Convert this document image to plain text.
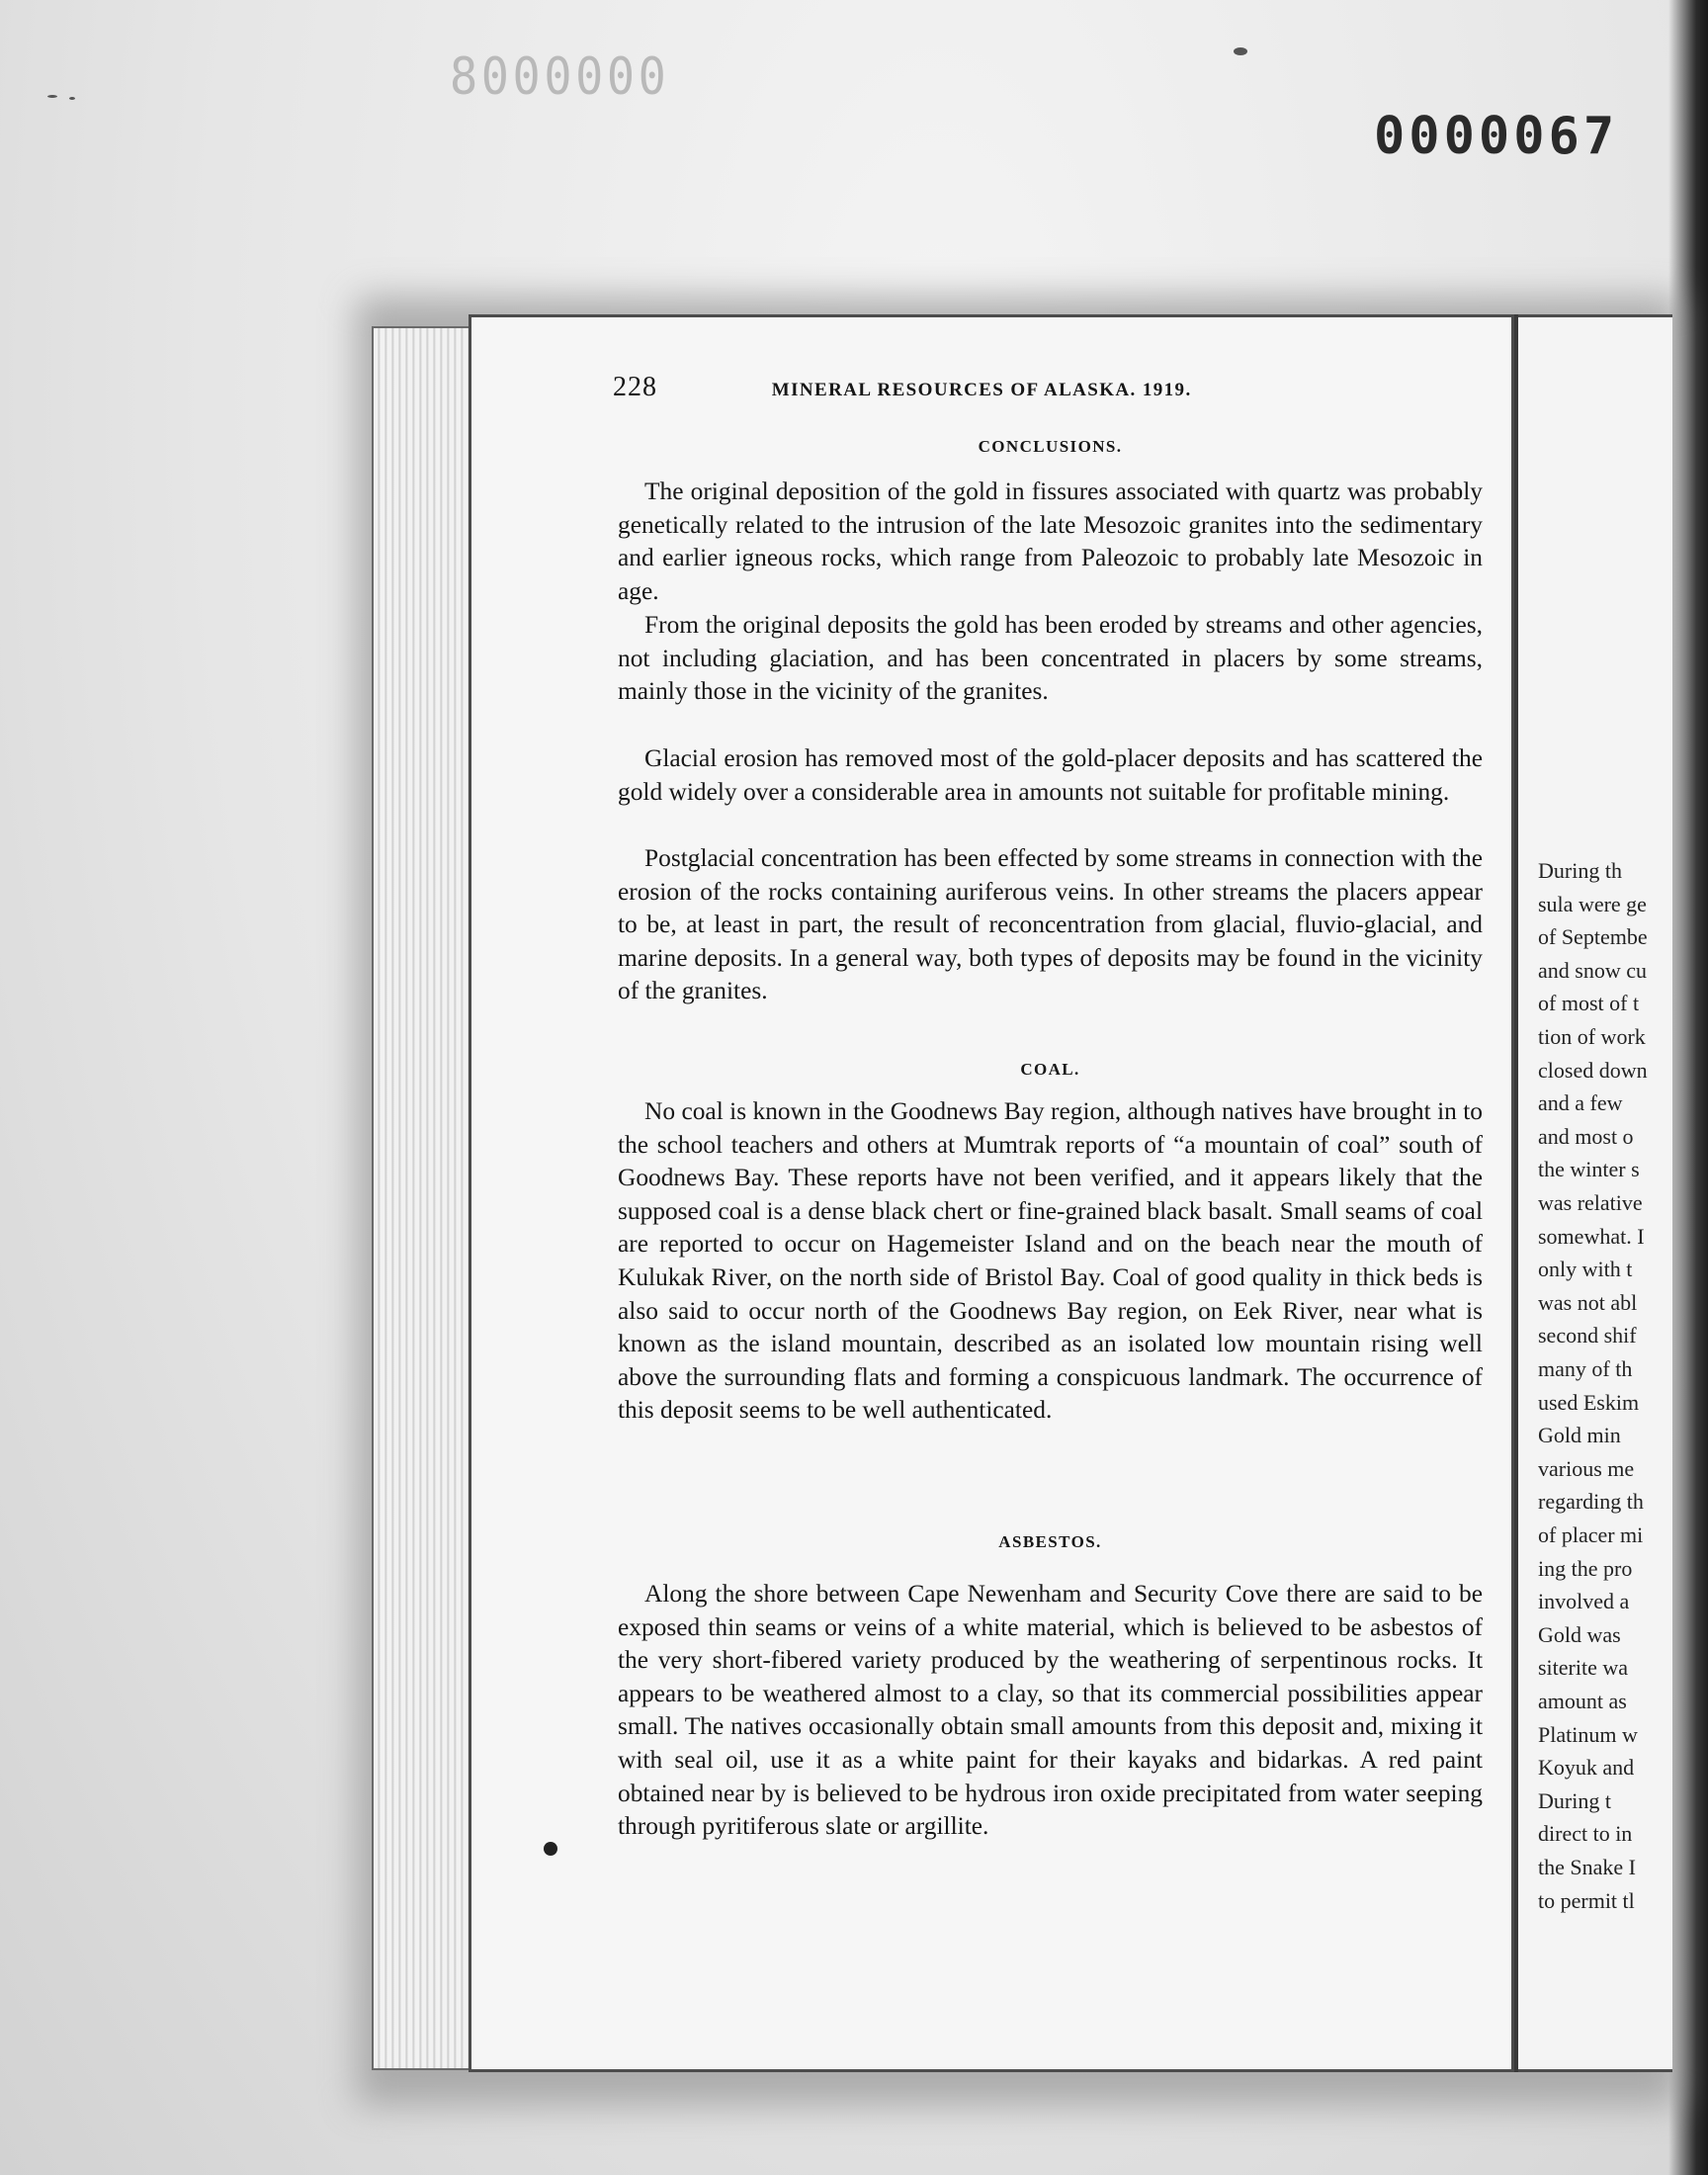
8000000
0000067
During th
sula were ge
of Septembe
and snow cu
of most of t
tion of work
closed down
and a few
and most o
the winter s
was relative
somewhat. I
only with t
was not abl
second shif
many of th
used Eskim
Gold min
various me
regarding th
of placer mi
ing the pro
involved a
Gold was
siterite wa
amount as
Platinum w
Koyuk and
During t
direct to in
the Snake I
to permit tl
228	MINERAL RESOURCES OF ALASKA. 1919.
CONCLUSIONS.

The original deposition of the gold in fissures associated with quartz was probably genetically related to the intrusion of the late Mesozoic granites into the sedimentary and earlier igneous rocks, which range from Paleozoic to probably late Mesozoic in age.

From the original deposits the gold has been eroded by streams and other agencies, not including glaciation, and has been concentrated in placers by some streams, mainly those in the vicinity of the granites.

Glacial erosion has removed most of the gold-placer deposits and has scattered the gold widely over a considerable area in amounts not suitable for profitable mining.

Postglacial concentration has been effected by some streams in connection with the erosion of the rocks containing auriferous veins. In other streams the placers appear to be, at least in part, the result of reconcentration from glacial, fluvio-glacial, and marine deposits. In a general way, both types of deposits may be found in the vicinity of the granites.

COAL.

No coal is known in the Goodnews Bay region, although natives have brought in to the school teachers and others at Mumtrak reports of “a mountain of coal” south of Goodnews Bay. These reports have not been verified, and it appears likely that the supposed coal is a dense black chert or fine-grained black basalt. Small seams of coal are reported to occur on Hagemeister Island and on the beach near the mouth of Kulukak River, on the north side of Bristol Bay. Coal of good quality in thick beds is also said to occur north of the Goodnews Bay region, on Eek River, near what is known as the island mountain, described as an isolated low mountain rising well above the surrounding flats and forming a conspicuous landmark. The occurrence of this deposit seems to be well authenticated.

ASBESTOS.

Along the shore between Cape Newenham and Security Cove there are said to be exposed thin seams or veins of a white material, which is believed to be asbestos of the very short-fibered variety produced by the weathering of serpentinous rocks. It appears to be weathered almost to a clay, so that its commercial possibilities appear small. The natives occasionally obtain small amounts from this deposit and, mixing it with seal oil, use it as a white paint for their kayaks and bidarkas. A red paint obtained near by is believed to be hydrous iron oxide precipitated from water seeping through pyritiferous slate or argillite.
